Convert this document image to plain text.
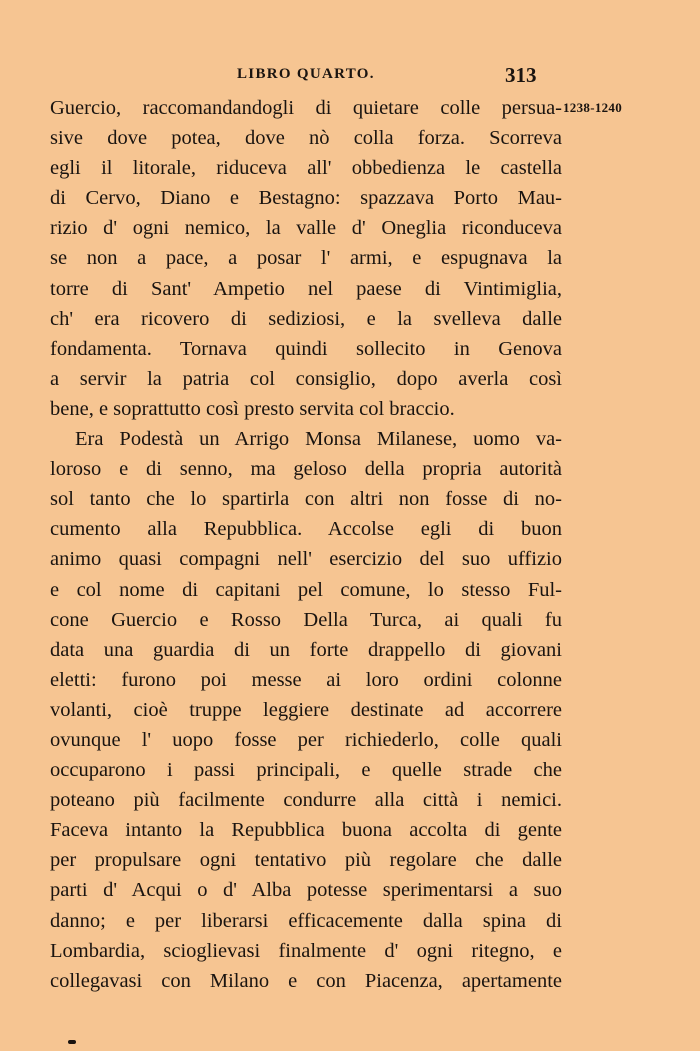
LIBRO QUARTO.	313
1238-1240
Guercio, raccomandandogli di quietare colle persua-
sive dove potea, dove nò colla forza. Scorreva
egli il litorale, riduceva all' obbedienza le castella
di Cervo, Diano e Bestagno: spazzava Porto Mau-
rizio d' ogni nemico, la valle d' Oneglia riconduceva
se non a pace, a posar l' armi, e espugnava la
torre di Sant' Ampetio nel paese di Vintimiglia,
ch' era ricovero di sediziosi, e la svelleva dalle
fondamenta. Tornava quindi sollecito in Genova
a servir la patria col consiglio, dopo averla così
bene, e soprattutto così presto servita col braccio.
Era Podestà un Arrigo Monsa Milanese, uomo va-
loroso e di senno, ma geloso della propria autorità
sol tanto che lo spartirla con altri non fosse di no-
cumento alla Repubblica. Accolse egli di buon
animo quasi compagni nell' esercizio del suo uffizio
e col nome di capitani pel comune, lo stesso Ful-
cone Guercio e Rosso Della Turca, ai quali fu
data una guardia di un forte drappello di giovani
eletti: furono poi messe ai loro ordini colonne
volanti, cioè truppe leggiere destinate ad accorrere
ovunque l' uopo fosse per richiederlo, colle quali
occuparono i passi principali, e quelle strade che
poteano più facilmente condurre alla città i nemici.
Faceva intanto la Repubblica buona accolta di gente
per propulsare ogni tentativo più regolare che dalle
parti d' Acqui o d' Alba potesse sperimentarsi a suo
danno; e per liberarsi efficacemente dalla spina di
Lombardia, scioglievasi finalmente d' ogni ritegno, e
collegavasi con Milano e con Piacenza, apertamente
